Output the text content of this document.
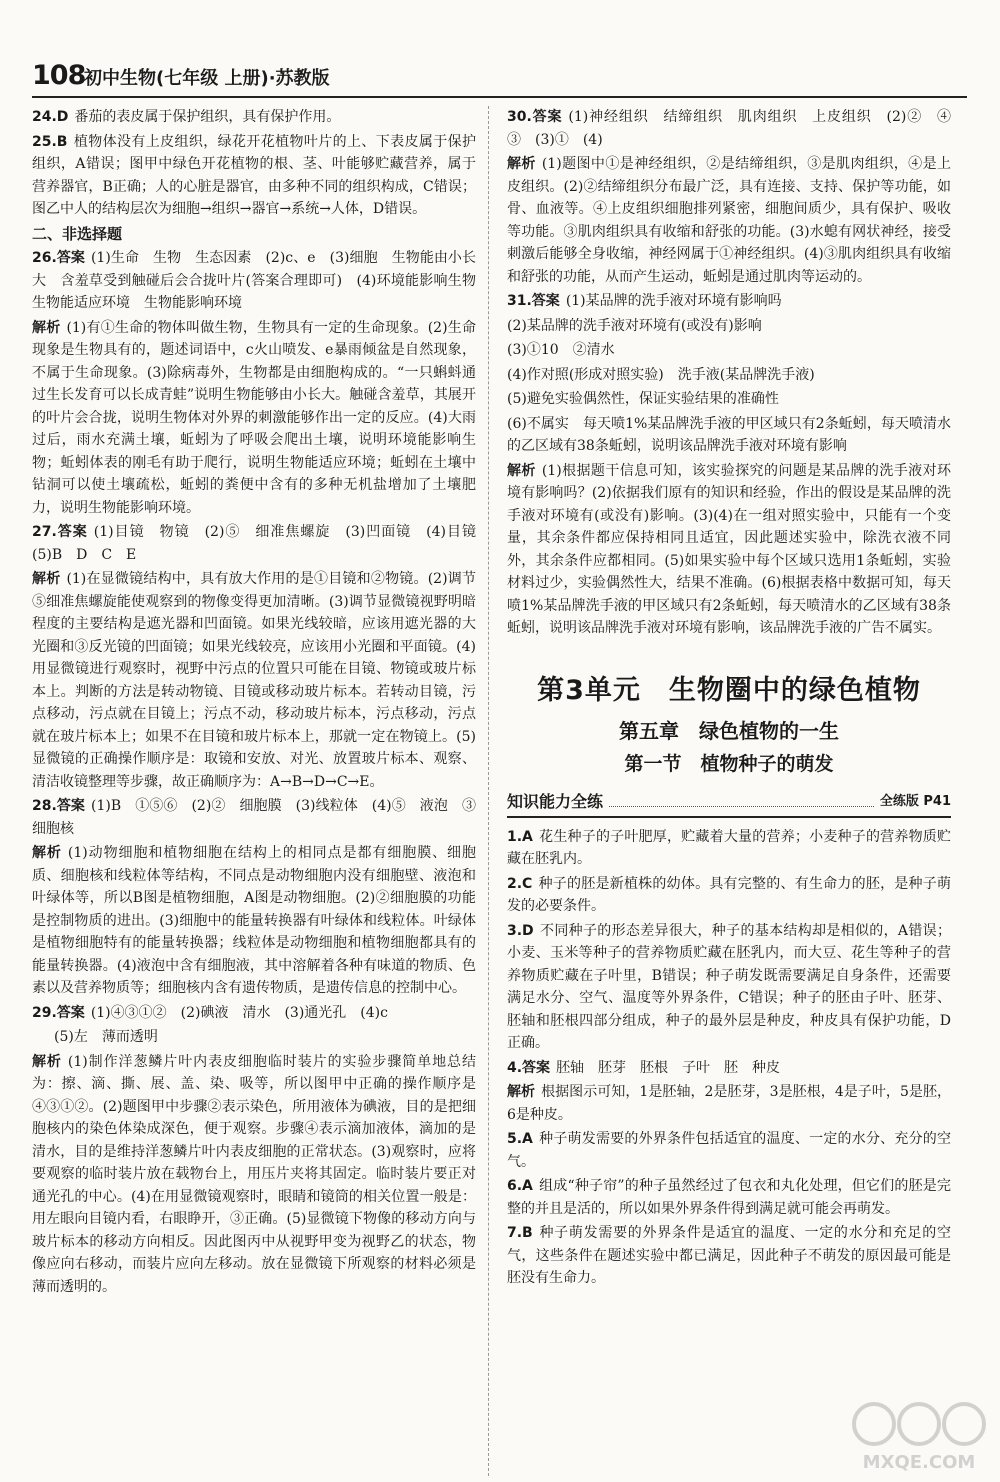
108
初中生物(七年级 上册)·苏教版

24.D 番茄的表皮属于保护组织，具有保护作用。

25.B 植物体没有上皮组织，绿花开花植物叶片的上、下表皮属于保护组织，A错误；图甲中绿色开花植物的根、茎、叶能够贮藏营养，属于营养器官，B正确；人的心脏是器官，由多种不同的组织构成，C错误；图乙中人的结构层次为细胞→组织→器官→系统→人体，D错误。

二、非选择题

26.答案 (1)生命　生物　生态因素　(2)c、e　(3)细胞　生物能由小长大　含羞草受到触碰后会合拢叶片(答案合理即可)　(4)环境能影响生物　生物能适应环境　生物能影响环境

解析 (1)有①生命的物体叫做生物，生物具有一定的生命现象。(2)生命现象是生物具有的，题述词语中，c火山喷发、e暴雨倾盆是自然现象，不属于生命现象。(3)除病毒外，生物都是由细胞构成的。“一只蝌蚪通过生长发育可以长成青蛙”说明生物能够由小长大。触碰含羞草，其展开的叶片会合拢，说明生物体对外界的刺激能够作出一定的反应。(4)大雨过后，雨水充满土壤，蚯蚓为了呼吸会爬出土壤，说明环境能影响生物；蚯蚓体表的刚毛有助于爬行，说明生物能适应环境；蚯蚓在土壤中钻洞可以使土壤疏松，蚯蚓的粪便中含有的多种无机盐增加了土壤肥力，说明生物能影响环境。

27.答案 (1)目镜　物镜　(2)⑤　细准焦螺旋　(3)凹面镜　(4)目镜　(5)B　D　C　E

解析 (1)在显微镜结构中，具有放大作用的是①目镜和②物镜。(2)调节⑤细准焦螺旋能使观察到的物像变得更加清晰。(3)调节显微镜视野明暗程度的主要结构是遮光器和凹面镜。如果光线较暗，应该用遮光器的大光圈和③反光镜的凹面镜；如果光线较亮，应该用小光圈和平面镜。(4)用显微镜进行观察时，视野中污点的位置只可能在目镜、物镜或玻片标本上。判断的方法是转动物镜、目镜或移动玻片标本。若转动目镜，污点移动，污点就在目镜上；污点不动，移动玻片标本，污点移动，污点就在玻片标本上；如果不在目镜和玻片标本上，那就一定在物镜上。(5)显微镜的正确操作顺序是：取镜和安放、对光、放置玻片标本、观察、清洁收镜整理等步骤，故正确顺序为：A→B→D→C→E。

28.答案 (1)B　①⑤⑥　(2)②　细胞膜　(3)线粒体　(4)⑤　液泡　③　细胞核

解析 (1)动物细胞和植物细胞在结构上的相同点是都有细胞膜、细胞质、细胞核和线粒体等结构，不同点是动物细胞内没有细胞壁、液泡和叶绿体等，所以B图是植物细胞，A图是动物细胞。(2)②细胞膜的功能是控制物质的进出。(3)细胞中的能量转换器有叶绿体和线粒体。叶绿体是植物细胞特有的能量转换器；线粒体是动物细胞和植物细胞都具有的能量转换器。(4)液泡中含有细胞液，其中溶解着各种有味道的物质、色素以及营养物质等；细胞核内含有遗传物质，是遗传信息的控制中心。

29.答案 (1)④③①②　(2)碘液　清水　(3)通光孔　(4)c

(5)左　薄而透明

解析 (1)制作洋葱鳞片叶内表皮细胞临时装片的实验步骤简单地总结为：擦、滴、撕、展、盖、染、吸等，所以图甲中正确的操作顺序是④③①②。(2)题图甲中步骤②表示染色，所用液体为碘液，目的是把细胞核内的染色体染成深色，便于观察。步骤④表示滴加液体，滴加的是清水，目的是维持洋葱鳞片叶内表皮细胞的正常状态。(3)观察时，应将要观察的临时装片放在载物台上，用压片夹将其固定。临时装片要正对通光孔的中心。(4)在用显微镜观察时，眼睛和镜筒的相关位置一般是：用左眼向目镜内看，右眼睁开，③正确。(5)显微镜下物像的移动方向与玻片标本的移动方向相反。因此图丙中从视野甲变为视野乙的状态，物像应向右移动，而装片应向左移动。放在显微镜下所观察的材料必须是薄而透明的。

30.答案 (1)神经组织　结缔组织　肌肉组织　上皮组织　(2)②　④　③　(3)①　(4)

解析 (1)题图中①是神经组织，②是结缔组织，③是肌肉组织，④是上皮组织。(2)②结缔组织分布最广泛，具有连接、支持、保护等功能，如骨、血液等。④上皮组织细胞排列紧密，细胞间质少，具有保护、吸收等功能。③肌肉组织具有收缩和舒张的功能。(3)水螅有网状神经，接受刺激后能够全身收缩，神经网属于①神经组织。(4)③肌肉组织具有收缩和舒张的功能，从而产生运动，蚯蚓是通过肌肉等运动的。

31.答案 (1)某品牌的洗手液对环境有影响吗

(2)某品牌的洗手液对环境有(或没有)影响

(3)①10　②清水

(4)作对照(形成对照实验)　洗手液(某品牌洗手液)

(5)避免实验偶然性，保证实验结果的准确性

(6)不属实　每天喷1%某品牌洗手液的甲区域只有2条蚯蚓，每天喷清水的乙区域有38条蚯蚓，说明该品牌洗手液对环境有影响

解析 (1)根据题干信息可知，该实验探究的问题是某品牌的洗手液对环境有影响吗？(2)依据我们原有的知识和经验，作出的假设是某品牌的洗手液对环境有(或没有)影响。(3)(4)在一组对照实验中，只能有一个变量，其余条件都应保持相同且适宜，因此题述实验中，除洗衣液不同外，其余条件应都相同。(5)如果实验中每个区域只选用1条蚯蚓，实验材料过少，实验偶然性大，结果不准确。(6)根据表格中数据可知，每天喷1%某品牌洗手液的甲区域只有2条蚯蚓，每天喷清水的乙区域有38条蚯蚓，说明该品牌洗手液对环境有影响，该品牌洗手液的广告不属实。

第3单元　生物圈中的绿色植物
第五章　绿色植物的一生
第一节　植物种子的萌发
知识能力全练	全练版 P41

1.A 花生种子的子叶肥厚，贮藏着大量的营养；小麦种子的营养物质贮藏在胚乳内。

2.C 种子的胚是新植株的幼体。具有完整的、有生命力的胚，是种子萌发的必要条件。

3.D 不同种子的形态差异很大，种子的基本结构却是相似的，A错误；小麦、玉米等种子的营养物质贮藏在胚乳内，而大豆、花生等种子的营养物质贮藏在子叶里，B错误；种子萌发既需要满足自身条件，还需要满足水分、空气、温度等外界条件，C错误；种子的胚由子叶、胚芽、胚轴和胚根四部分组成，种子的最外层是种皮，种皮具有保护功能，D正确。

4.答案 胚轴　胚芽　胚根　子叶　胚　种皮

解析 根据图示可知，1是胚轴，2是胚芽，3是胚根，4是子叶，5是胚，6是种皮。

5.A 种子萌发需要的外界条件包括适宜的温度、一定的水分、充分的空气。

6.A 组成“种子帘”的种子虽然经过了包衣和丸化处理，但它们的胚是完整的并且是活的，所以如果外界条件得到满足就可能会再萌发。

7.B 种子萌发需要的外界条件是适宜的温度、一定的水分和充足的空气，这些条件在题述实验中都已满足，因此种子不萌发的原因最可能是胚没有生命力。

MXQE.COM
